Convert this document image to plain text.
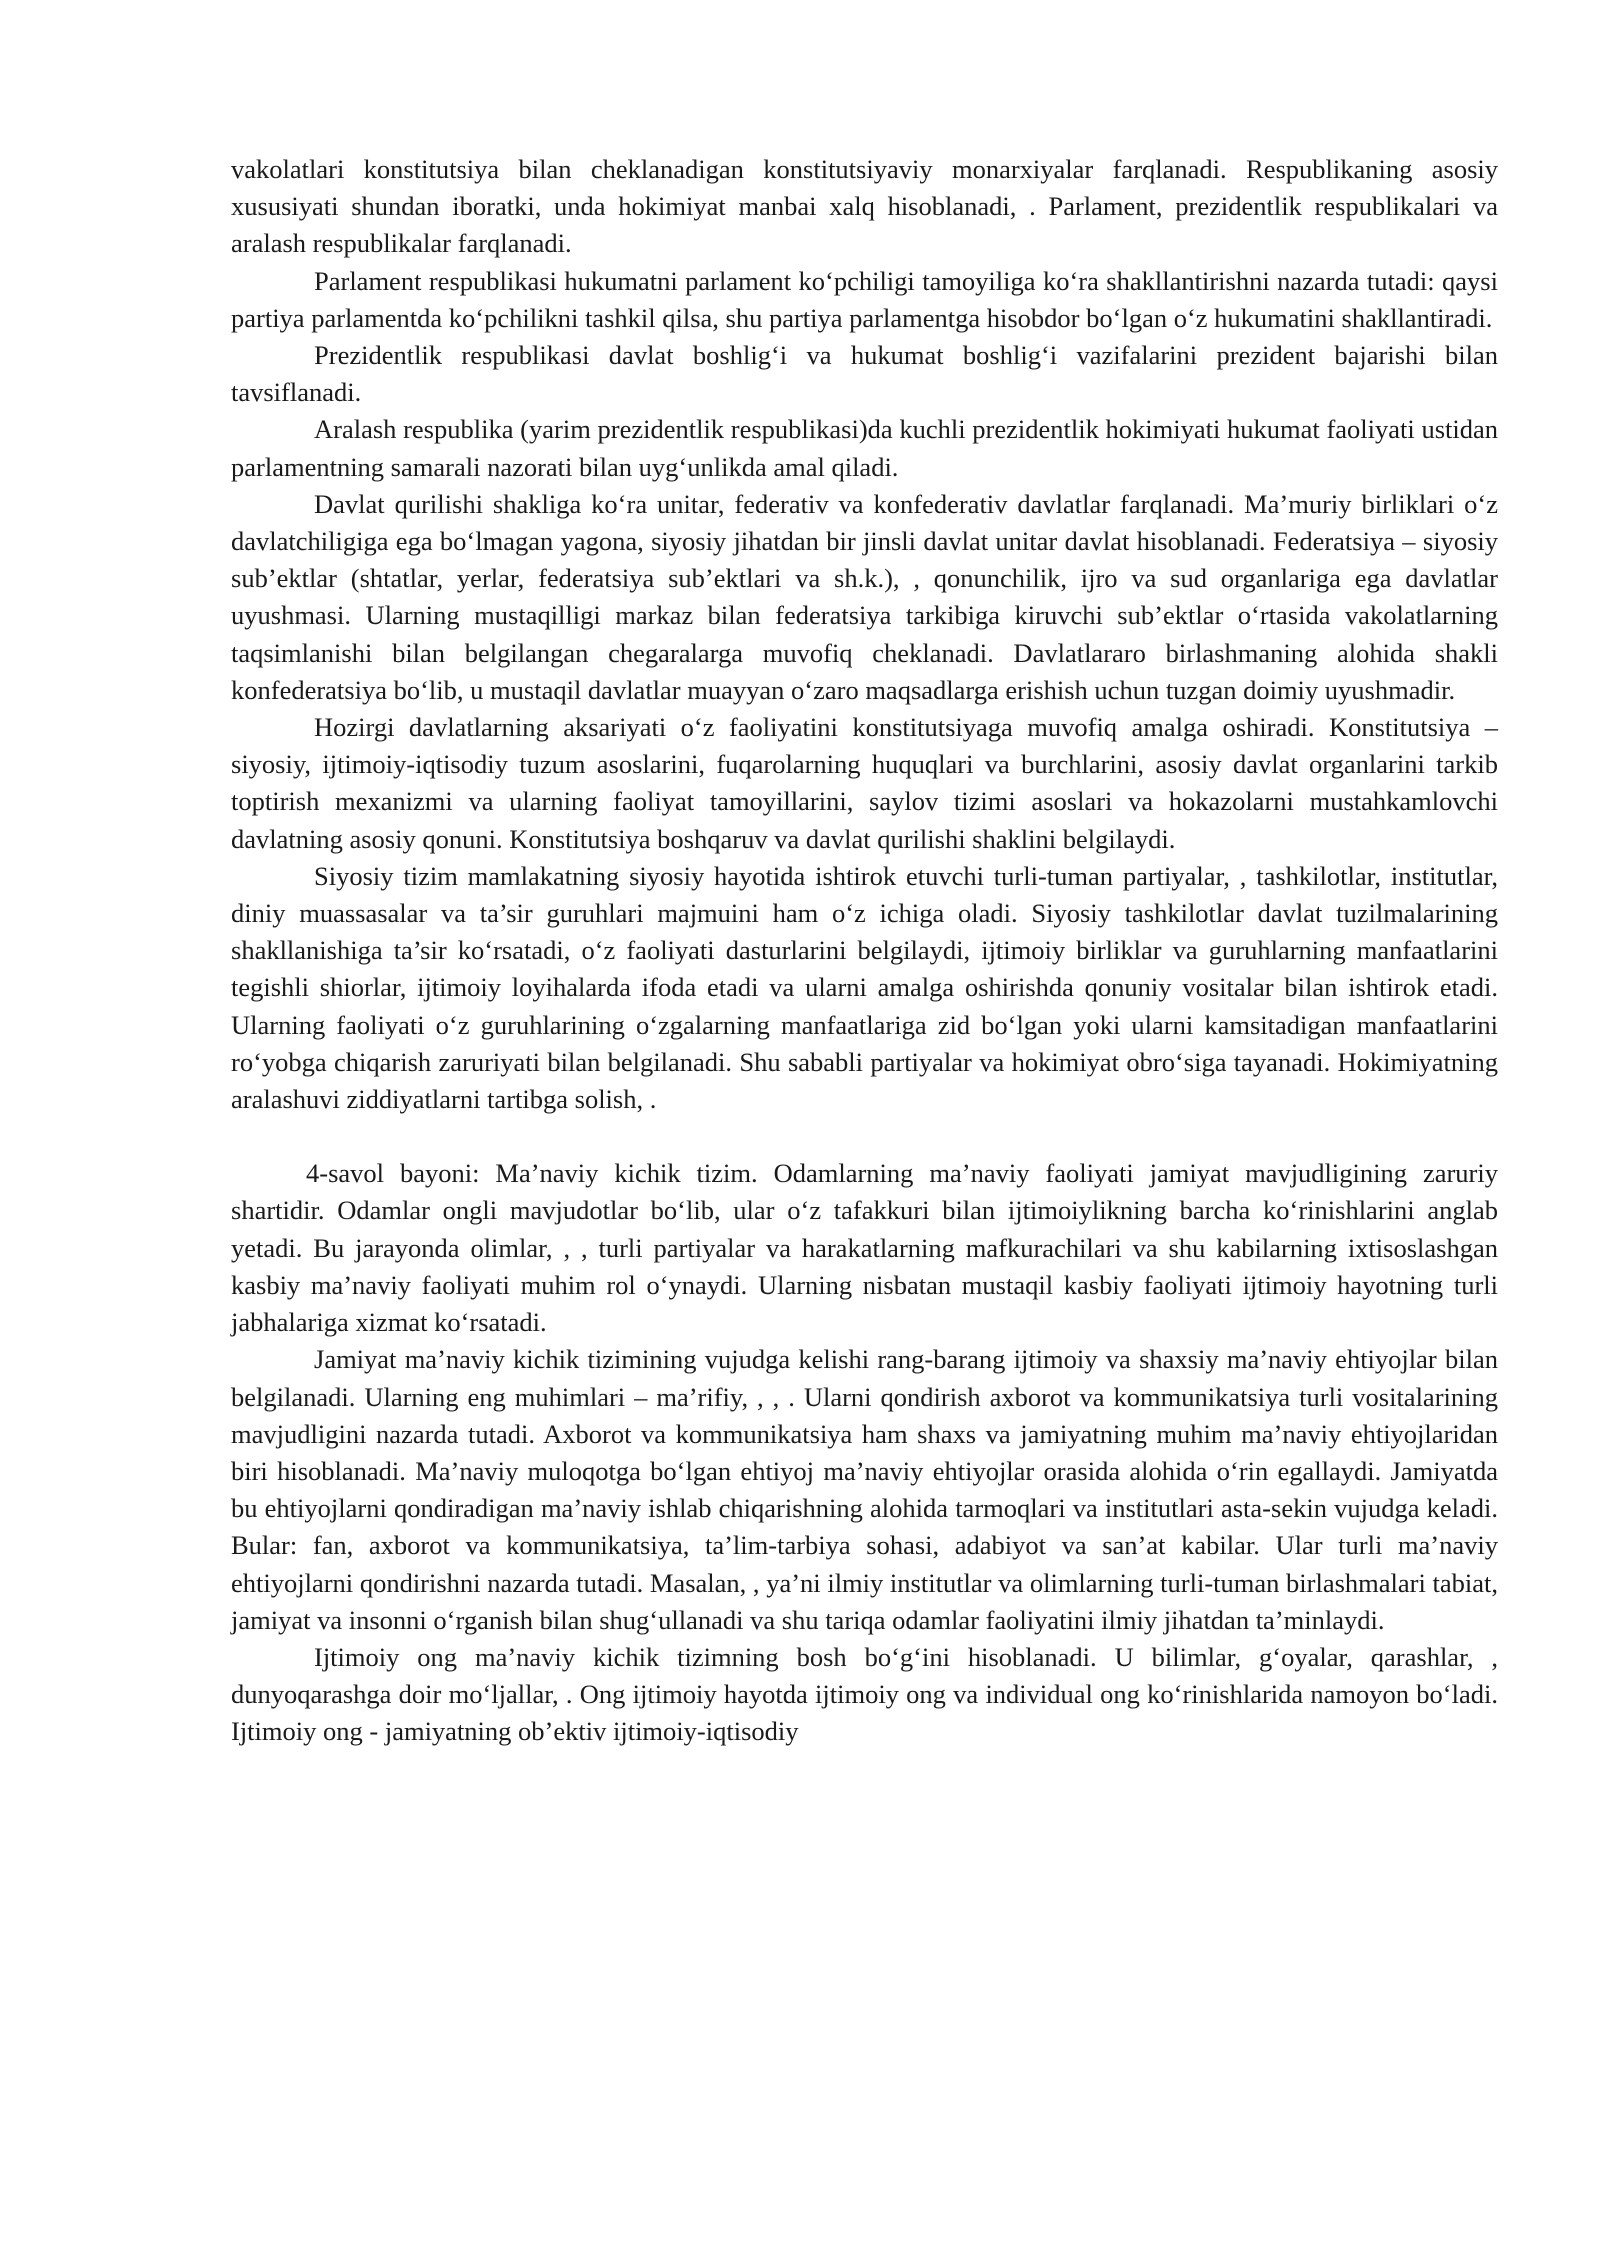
vakolatlari konstitutsiya bilan cheklanadigan konstitutsiyaviy monarxiyalar farqlanadi. Respublikaning asosiy xususiyati shundan iboratki, unda hokimiyat manbai xalq hisoblanadi, . Parlament, prezidentlik respublikalari va aralash respublikalar farqlanadi.

Parlament respublikasi hukumatni parlament ko‘pchiligi tamoyiliga ko‘ra shakllantirishni nazarda tutadi: qaysi partiya parlamentda ko‘pchilikni tashkil qilsa, shu partiya parlamentga hisobdor bo‘lgan o‘z hukumatini shakllantiradi.

Prezidentlik respublikasi davlat boshlig‘i va hukumat boshlig‘i vazifalarini prezident bajarishi bilan tavsiflanadi.

Aralash respublika (yarim prezidentlik respublikasi)da kuchli prezidentlik hokimiyati hukumat faoliyati ustidan parlamentning samarali nazorati bilan uyg‘unlikda amal qiladi.

Davlat qurilishi shakliga ko‘ra unitar, federativ va konfederativ davlatlar farqlanadi. Ma’muriy birliklari o‘z davlatchiligiga ega bo‘lmagan yagona, siyosiy jihatdan bir jinsli davlat unitar davlat hisoblanadi. Federatsiya – siyosiy sub’ektlar (shtatlar, yerlar, federatsiya sub’ektlari va sh.k.), , qonunchilik, ijro va sud organlariga ega davlatlar uyushmasi. Ularning mustaqilligi markaz bilan federatsiya tarkibiga kiruvchi sub’ektlar o‘rtasida vakolatlarning taqsimlanishi bilan belgilangan chegaralarga muvofiq cheklanadi. Davlatlararo birlashmaning alohida shakli konfederatsiya bo‘lib, u mustaqil davlatlar muayyan o‘zaro maqsadlarga erishish uchun tuzgan doimiy uyushmadir.

Hozirgi davlatlarning aksariyati o‘z faoliyatini konstitutsiyaga muvofiq amalga oshiradi. Konstitutsiya – siyosiy, ijtimoiy-iqtisodiy tuzum asoslarini, fuqarolarning huquqlari va burchlarini, asosiy davlat organlarini tarkib toptirish mexanizmi va ularning faoliyat tamoyillarini, saylov tizimi asoslari va hokazolarni mustahkamlovchi davlatning asosiy qonuni. Konstitutsiya boshqaruv va davlat qurilishi shaklini belgilaydi.

Siyosiy tizim mamlakatning siyosiy hayotida ishtirok etuvchi turli-tuman partiyalar, , tashkilotlar, institutlar, diniy muassasalar va ta’sir guruhlari majmuini ham o‘z ichiga oladi. Siyosiy tashkilotlar davlat tuzilmalarining shakllanishiga ta’sir ko‘rsatadi, o‘z faoliyati dasturlarini belgilaydi, ijtimoiy birliklar va guruhlarning manfaatlarini tegishli shiorlar, ijtimoiy loyihalarda ifoda etadi va ularni amalga oshirishda qonuniy vositalar bilan ishtirok etadi. Ularning faoliyati o‘z guruhlarining o‘zgalarning manfaatlariga zid bo‘lgan yoki ularni kamsitadigan manfaatlarini ro‘yobga chiqarish zaruriyati bilan belgilanadi. Shu sababli partiyalar va hokimiyat obro‘siga tayanadi. Hokimiyatning aralashuvi ziddiyatlarni tartibga solish, .

4-savol bayoni: Ma’naviy kichik tizim. Odamlarning ma’naviy faoliyati jamiyat mavjudligining zaruriy shartidir. Odamlar ongli mavjudotlar bo‘lib, ular o‘z tafakkuri bilan ijtimoiylikning barcha ko‘rinishlarini anglab yetadi. Bu jarayonda olimlar, , , turli partiyalar va harakatlarning mafkurachilari va shu kabilarning ixtisoslashgan kasbiy ma’naviy faoliyati muhim rol o‘ynaydi. Ularning nisbatan mustaqil kasbiy faoliyati ijtimoiy hayotning turli jabhalariga xizmat ko‘rsatadi.

Jamiyat ma’naviy kichik tizimining vujudga kelishi rang-barang ijtimoiy va shaxsiy ma’naviy ehtiyojlar bilan belgilanadi. Ularning eng muhimlari – ma’rifiy, , , . Ularni qondirish axborot va kommunikatsiya turli vositalarining mavjudligini nazarda tutadi. Axborot va kommunikatsiya ham shaxs va jamiyatning muhim ma’naviy ehtiyojlaridan biri hisoblanadi. Ma’naviy muloqotga bo‘lgan ehtiyoj ma’naviy ehtiyojlar orasida alohida o‘rin egallaydi. Jamiyatda bu ehtiyojlarni qondiradigan ma’naviy ishlab chiqarishning alohida tarmoqlari va institutlari asta-sekin vujudga keladi. Bular: fan, axborot va kommunikatsiya, ta’lim-tarbiya sohasi, adabiyot va san’at kabilar. Ular turli ma’naviy ehtiyojlarni qondirishni nazarda tutadi. Masalan, , ya’ni ilmiy institutlar va olimlarning turli-tuman birlashmalari tabiat, jamiyat va insonni o‘rganish bilan shug‘ullanadi va shu tariqa odamlar faoliyatini ilmiy jihatdan ta’minlaydi.

Ijtimoiy ong ma’naviy kichik tizimning bosh bo‘g‘ini hisoblanadi. U bilimlar, g‘oyalar, qarashlar, , dunyoqarashga doir mo‘ljallar, . Ong ijtimoiy hayotda ijtimoiy ong va individual ong ko‘rinishlarida namoyon bo‘ladi. Ijtimoiy ong - jamiyatning ob’ektiv ijtimoiy-iqtisodiy
